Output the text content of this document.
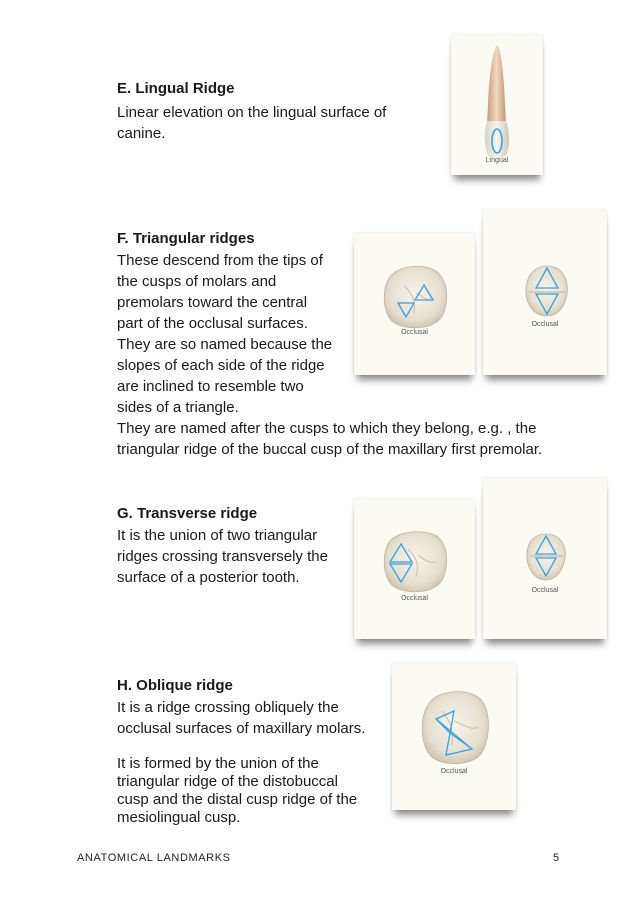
E. Lingual Ridge
Linear elevation on the lingual surface of
canine.
Lingual
F. Triangular ridges
These descend from the tips of
the cusps of molars and
premolars toward the central
part of the occlusal surfaces.
They are so named because the
slopes of each side of the ridge
are inclined to resemble two
sides of a triangle.
They are named after the cusps to which they belong, e.g. , the
triangular ridge of the buccal cusp of the maxillary first premolar.
Occlusal
Occlusal
G. Transverse ridge
It is the union of two triangular
ridges crossing transversely the
surface of a posterior tooth.
Occlusal
Occlusal
H. Oblique ridge
It is a ridge crossing obliquely the
occlusal surfaces of maxillary molars.
It is formed by the union of the
triangular ridge of the distobuccal
cusp and the distal cusp ridge of the
mesiolingual cusp.
Occlusal
ANATOMICAL LANDMARKS	5
